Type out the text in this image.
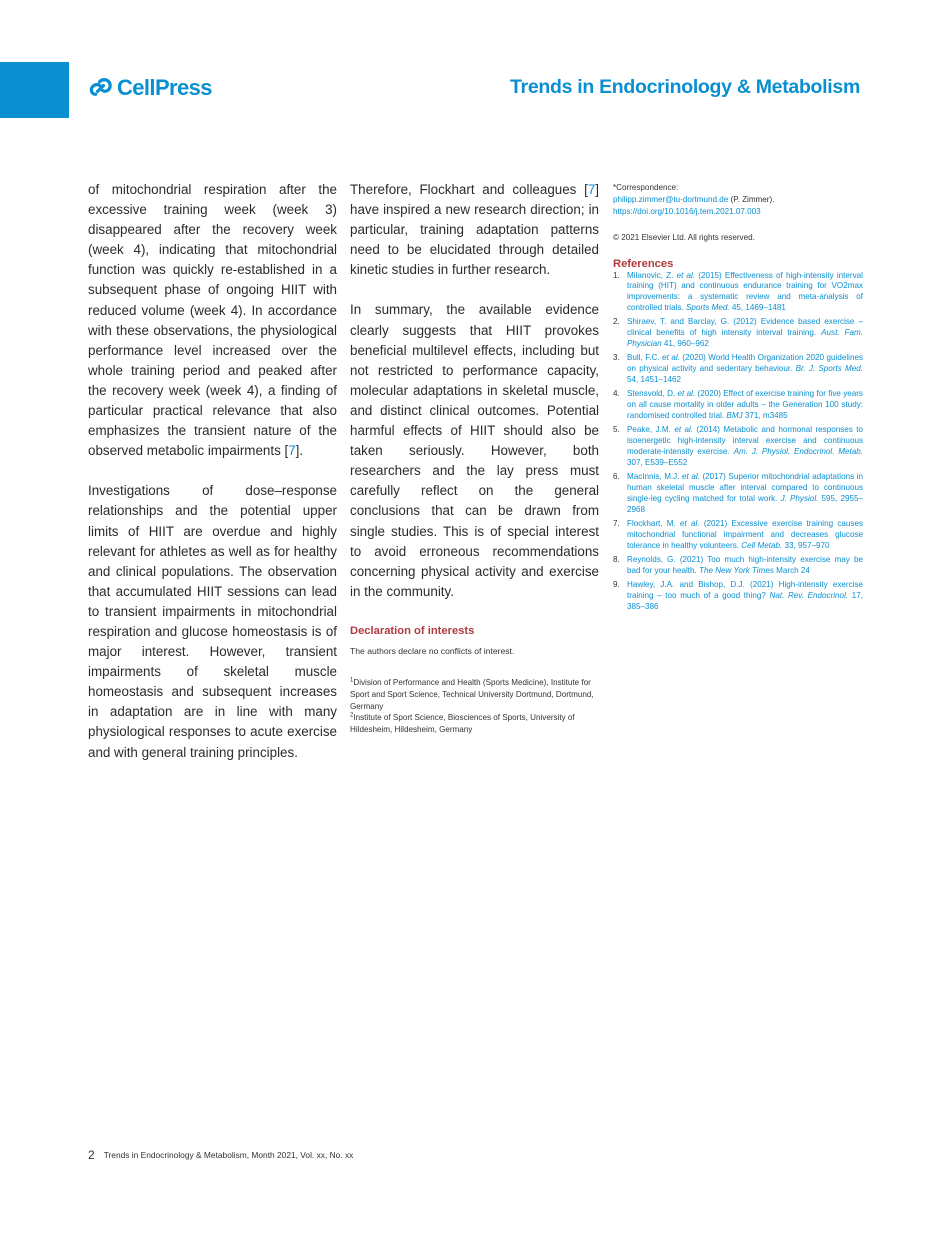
CellPress	Trends in Endocrinology & Metabolism

of mitochondrial respiration after the excessive training week (week 3) disappeared after the recovery week (week 4), indicating that mitochondrial function was quickly re-established in a subsequent phase of ongoing HIIT with reduced volume (week 4). In accordance with these observations, the physiological performance level increased over the whole training period and peaked after the recovery week (week 4), a finding of particular practical relevance that also emphasizes the transient nature of the observed metabolic impairments [7].

Investigations of dose–response relationships and the potential upper limits of HIIT are overdue and highly relevant for athletes as well as for healthy and clinical populations. The observation that accumulated HIIT sessions can lead to transient impairments in mitochondrial respiration and glucose homeostasis is of major interest. However, transient impairments of skeletal muscle homeostasis and subsequent increases in adaptation are in line with many physiological responses to acute exercise and with general training principles.

Therefore, Flockhart and colleagues [7] have inspired a new research direction; in particular, training adaptation patterns need to be elucidated through detailed kinetic studies in further research.

In summary, the available evidence clearly suggests that HIIT provokes beneficial multilevel effects, including but not restricted to performance capacity, molecular adaptations in skeletal muscle, and distinct clinical outcomes. Potential harmful effects of HIIT should also be taken seriously. However, both researchers and the lay press must carefully reflect on the general conclusions that can be drawn from single studies. This is of special interest to avoid erroneous recommendations concerning physical activity and exercise in the community.

Declaration of interests

The authors declare no conflicts of interest.

$^1$Division of Performance and Health (Sports Medicine), Institute for Sport and Sport Science, Technical University Dortmund, Dortmund, Germany

$^2$Institute of Sport Science, Biosciences of Sports, University of Hildesheim, Hildesheim, Germany

*Correspondence:

philipp.zimmer@tu-dortmund.de (P. Zimmer).

https://doi.org/10.1016/j.tem.2021.07.003

© 2021 Elsevier Ltd. All rights reserved.

References
1. Milanovic, Z. et al. (2015) Effectiveness of high-intensity interval training (HIT) and continuous endurance training for VO2max improvements: a systematic review and meta-analysis of controlled trials. Sports Med. 45, 1469–1481
2. Shiraev, T. and Barclay, G. (2012) Evidence based exercise – clinical benefits of high intensity interval training. Aust. Fam. Physician 41, 960–962
3. Bull, F.C. et al. (2020) World Health Organization 2020 guidelines on physical activity and sedentary behaviour. Br. J. Sports Med. 54, 1451–1462
4. Stensvold, D. et al. (2020) Effect of exercise training for five years on all cause mortality in older adults – the Generation 100 study: randomised controlled trial. BMJ 371, m3485
5. Peake, J.M. et al. (2014) Metabolic and hormonal responses to isoenergetic high-intensity interval exercise and continuous moderate-intensity exercise. Am. J. Physiol. Endocrinol. Metab. 307, E539–E552
6. MacInnis, M.J. et al. (2017) Superior mitochondrial adaptations in human skeletal muscle after interval compared to continuous single-leg cycling matched for total work. J. Physiol. 595, 2955–2968
7. Flockhart, M. et al. (2021) Excessive exercise training causes mitochondrial functional impairment and decreases glucose tolerance in healthy volunteers. Cell Metab. 33, 957–970
8. Reynolds, G. (2021) Too much high-intensity exercise may be bad for your health. The New York Times March 24
9. Hawley, J.A. and Bishop, D.J. (2021) High-intensity exercise training – too much of a good thing? Nat. Rev. Endocrinol. 17, 385–386
2 Trends in Endocrinology & Metabolism, Month 2021, Vol. xx, No. xx
